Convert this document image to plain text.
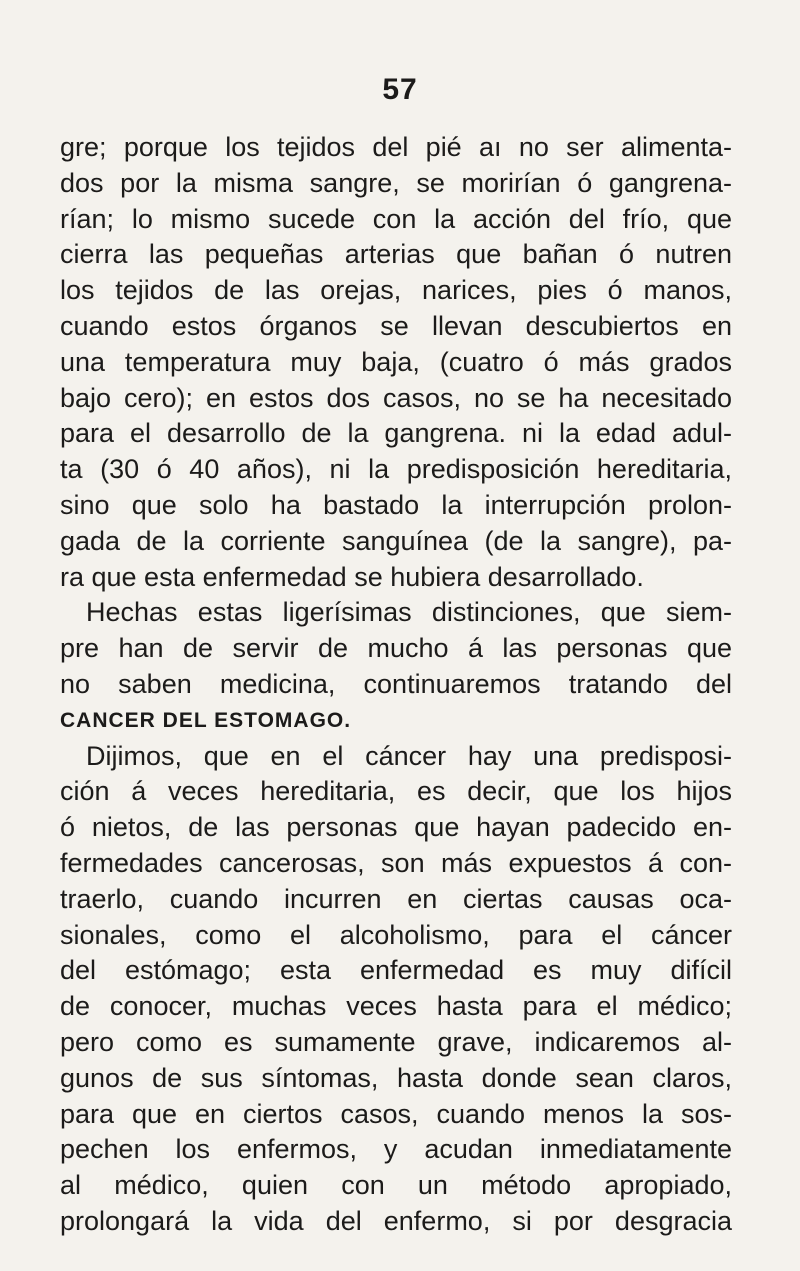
57
gre; porque los tejidos del pié aı no ser alimenta-
dos por la misma sangre, se morirían ó gangrena-
rían; lo mismo sucede con la acción del frío, que
cierra las pequeñas arterias que bañan ó nutren
los tejidos de las orejas, narices, pies ó manos,
cuando estos órganos se llevan descubiertos en
una temperatura muy baja, (cuatro ó más grados
bajo cero); en estos dos casos, no se ha necesitado
para el desarrollo de la gangrena. ni la edad adul-
ta (30 ó 40 años), ni la predisposición hereditaria,
sino que solo ha bastado la interrupción prolon-
gada de la corriente sanguínea (de la sangre), pa-
ra que esta enfermedad se hubiera desarrollado.
Hechas estas ligerísimas distinciones, que siem-
pre han de servir de mucho á las personas que
no saben medicina, continuaremos tratando del
CANCER DEL ESTOMAGO.
Dijimos, que en el cáncer hay una predisposi-
ción á veces hereditaria, es decir, que los hijos
ó nietos, de las personas que hayan padecido en-
fermedades cancerosas, son más expuestos á con-
traerlo, cuando incurren en ciertas causas oca-
sionales, como el alcoholismo, para el cáncer
del estómago; esta enfermedad es muy difícil
de conocer, muchas veces hasta para el médico;
pero como es sumamente grave, indicaremos al-
gunos de sus síntomas, hasta donde sean claros,
para que en ciertos casos, cuando menos la sos-
pechen los enfermos, y acudan inmediatamente
al médico, quien con un método apropiado,
prolongará la vida del enfermo, si por desgracia
